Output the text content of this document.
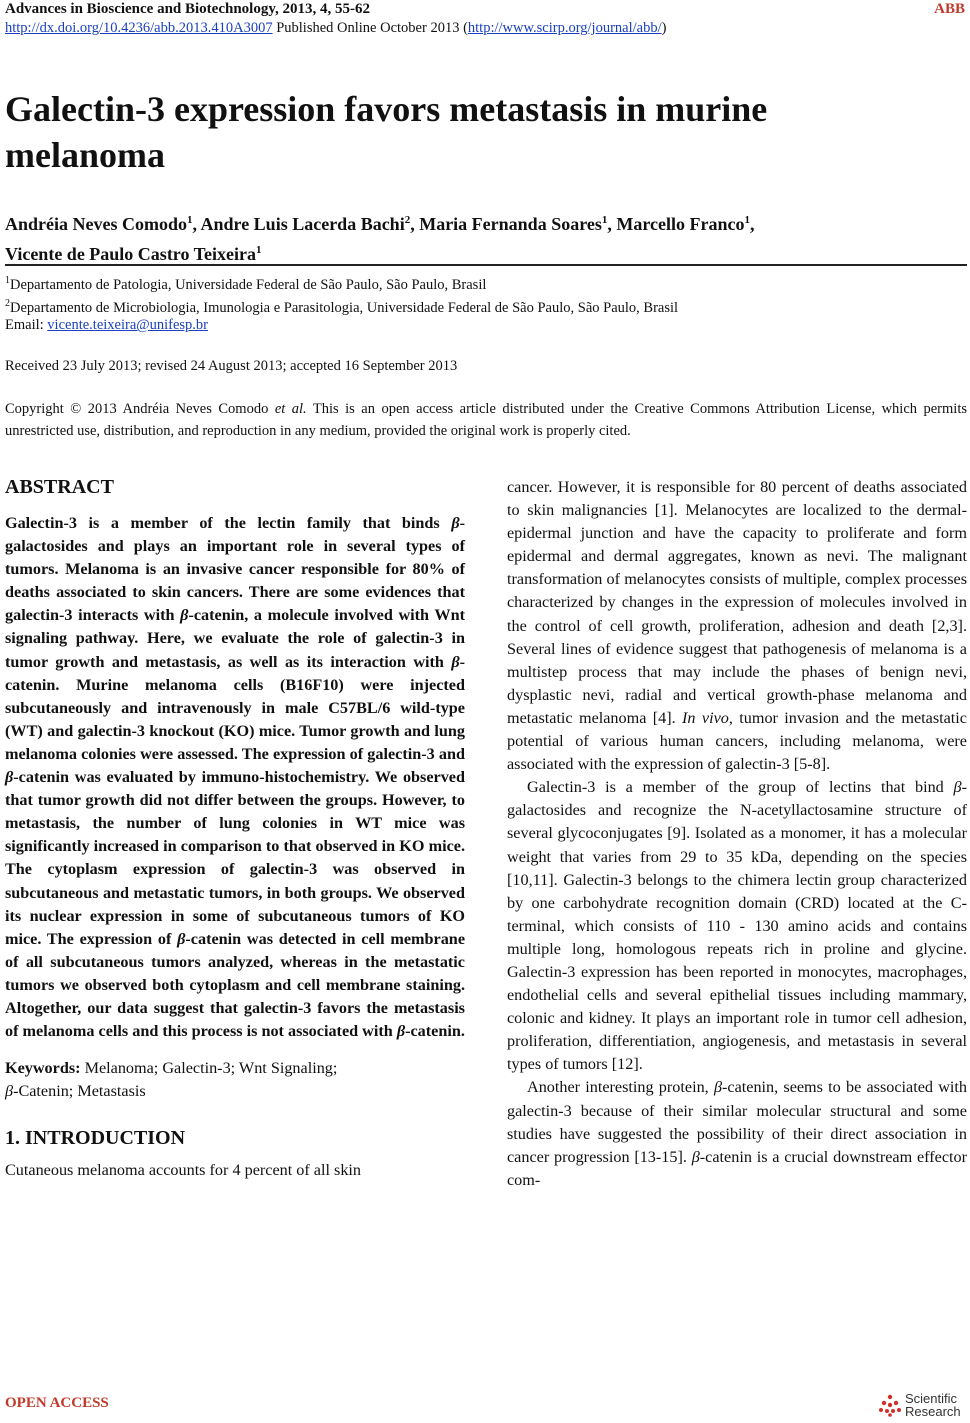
Advances in Bioscience and Biotechnology, 2013, 4, 55-62	ABB
http://dx.doi.org/10.4236/abb.2013.410A3007 Published Online October 2013 (http://www.scirp.org/journal/abb/)
Galectin-3 expression favors metastasis in murine melanoma
Andréia Neves Comodo$^1$, Andre Luis Lacerda Bachi$^2$, Maria Fernanda Soares$^1$, Marcello Franco$^1$,
Vicente de Paulo Castro Teixeira$^1$
$^1$Departamento de Patologia, Universidade Federal de São Paulo, São Paulo, Brasil
$^2$Departamento de Microbiologia, Imunologia e Parasitologia, Universidade Federal de São Paulo, São Paulo, Brasil
Email: vicente.teixeira@unifesp.br
Received 23 July 2013; revised 24 August 2013; accepted 16 September 2013
Copyright © 2013 Andréia Neves Comodo et al. This is an open access article distributed under the Creative Commons Attribution License, which permits unrestricted use, distribution, and reproduction in any medium, provided the original work is properly cited.
ABSTRACT
Galectin-3 is a member of the lectin family that binds β-galactosides and plays an important role in several types of tumors. Melanoma is an invasive cancer responsible for 80% of deaths associated to skin cancers. There are some evidences that galectin-3 interacts with β-catenin, a molecule involved with Wnt signaling pathway. Here, we evaluate the role of galectin-3 in tumor growth and metastasis, as well as its interaction with β-catenin. Murine melanoma cells (B16F10) were injected subcutaneously and intravenously in male C57BL/6 wild-type (WT) and galectin-3 knockout (KO) mice. Tumor growth and lung melanoma colonies were assessed. The expression of galectin-3 and β-catenin was evaluated by immuno-histochemistry. We observed that tumor growth did not differ between the groups. However, to metastasis, the number of lung colonies in WT mice was significantly increased in comparison to that observed in KO mice. The cytoplasm expression of galectin-3 was observed in subcutaneous and metastatic tumors, in both groups. We observed its nuclear expression in some of subcutaneous tumors of KO mice. The expression of β-catenin was detected in cell membrane of all subcutaneous tumors analyzed, whereas in the metastatic tumors we observed both cytoplasm and cell membrane staining. Altogether, our data suggest that galectin-3 favors the metastasis of melanoma cells and this process is not associated with β-catenin.
Keywords: Melanoma; Galectin-3; Wnt Signaling;
β-Catenin; Metastasis
1. INTRODUCTION
Cutaneous melanoma accounts for 4 percent of all skin
cancer. However, it is responsible for 80 percent of deaths associated to skin malignancies [1]. Melanocytes are localized to the dermal-epidermal junction and have the capacity to proliferate and form epidermal and dermal aggregates, known as nevi. The malignant transformation of melanocytes consists of multiple, complex processes characterized by changes in the expression of molecules involved in the control of cell growth, proliferation, adhesion and death [2,3]. Several lines of evidence suggest that pathogenesis of melanoma is a multistep process that may include the phases of benign nevi, dysplastic nevi, radial and vertical growth-phase melanoma and metastatic melanoma [4]. In vivo, tumor invasion and the metastatic potential of various human cancers, including melanoma, were associated with the expression of galectin-3 [5-8].
Galectin-3 is a member of the group of lectins that bind β-galactosides and recognize the N-acetyllactosamine structure of several glycoconjugates [9]. Isolated as a monomer, it has a molecular weight that varies from 29 to 35 kDa, depending on the species [10,11]. Galectin-3 belongs to the chimera lectin group characterized by one carbohydrate recognition domain (CRD) located at the C-terminal, which consists of 110 - 130 amino acids and contains multiple long, homologous repeats rich in proline and glycine. Galectin-3 expression has been reported in monocytes, macrophages, endothelial cells and several epithelial tissues including mammary, colonic and kidney. It plays an important role in tumor cell adhesion, proliferation, differentiation, angiogenesis, and metastasis in several types of tumors [12].
Another interesting protein, β-catenin, seems to be associated with galectin-3 because of their similar molecular structural and some studies have suggested the possibility of their direct association in cancer progression [13-15]. β-catenin is a crucial downstream effector com-
OPEN ACCESS	Scientific
Research
